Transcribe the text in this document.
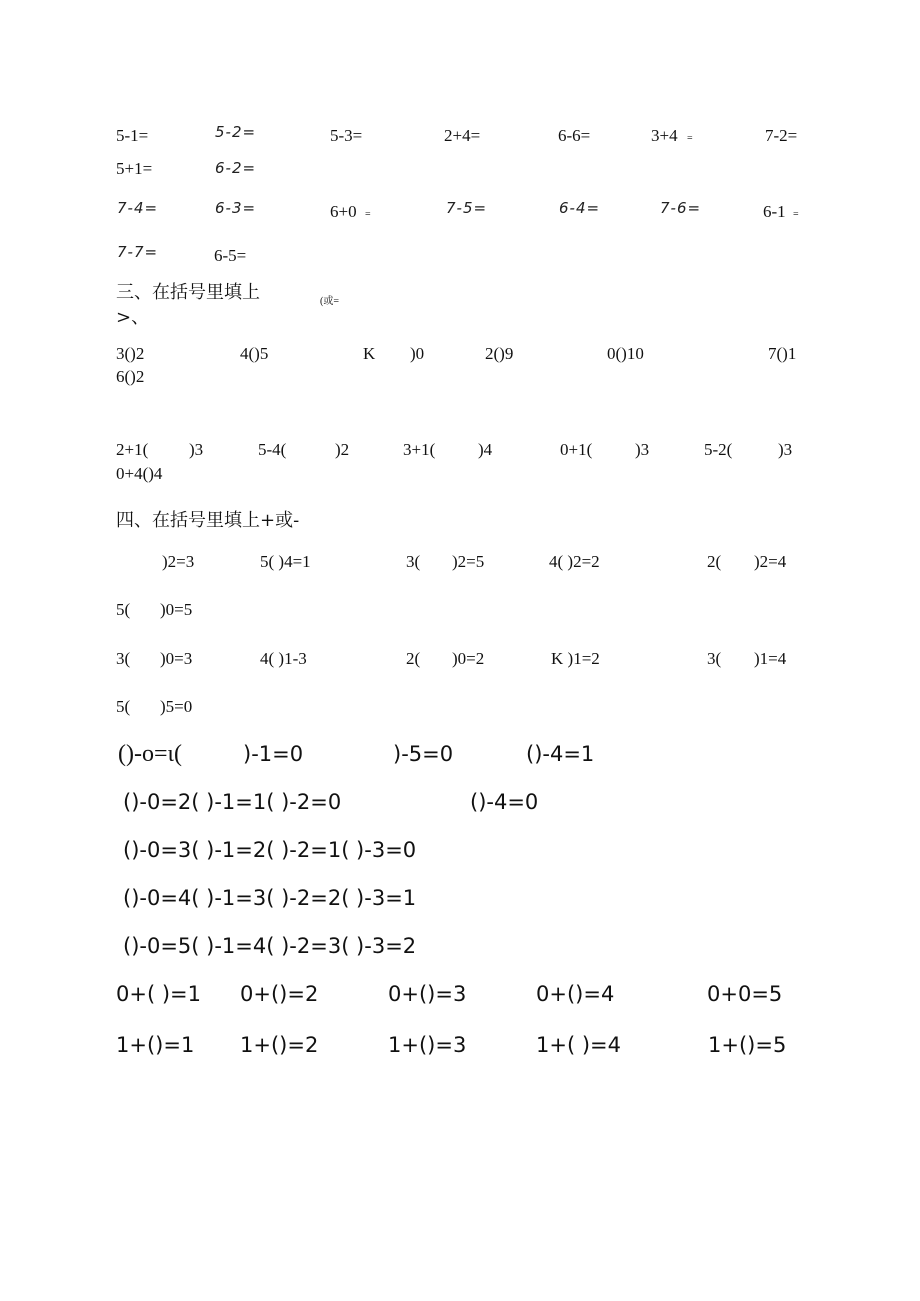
5-1=	5-2=	5-3=	2+4=	6-6=	3+4 =	7-2=
5+1=	6-2=
7-4=	6-3=	6+0 =	7-5=	6-4=	7-6=	6-1 =
7-7=	6-5=
三、在括号里填上
>、
(或=
3()2	4()5	K )0	2()9	0()10	7()1
6()2
2+1( )3	5-4(	)2	3+1(	)4	0+1(	)3	5-2(	)3
0+4()4
四、在括号里填上+或-
)2=3	5( )4=1	3( )2=5	4( )2=2	2( )2=4
5( )0=5
3( )0=3	4( )1-3	2( )0=2	K )1=2	3( )1=4
5( )5=0
()-o=ι(	)-1=0	)-5=0	()-4=1
()-0=2( )-1=1( )-2=0	()-4=0
()-0=3( )-1=2( )-2=1( )-3=0
()-0=4( )-1=3( )-2=2( )-3=1
()-0=5( )-1=4( )-2=3( )-3=2
0+( )=1 0+()=2	0+()=3	0+()=4	0+0=5
1+()=1 1+()=2	1+()=3	1+( )=4	1+()=5
